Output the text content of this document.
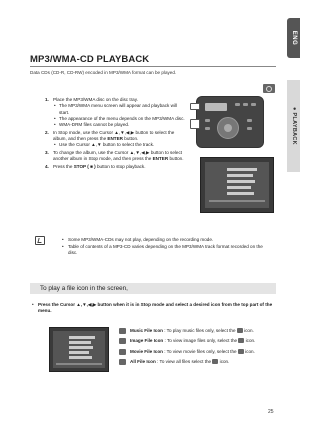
ENG
● PLAYBACK
MP3/WMA-CD PLAYBACK
Data CDs (CD-R, CD-RW) encoded in MP3/WMA format can be played.
1. Place the MP3/WMA disc on the disc tray.
• The MP3/WMA menu screen will appear and playback will start.
• The appearance of the menu depends on the MP3/WMA disc.
• WMA-DRM files cannot be played.
2. In Stop mode, use the Cursor ▲,▼,◀,▶ button to select the album, and then press the ENTER button.
• Use the Cursor ▲,▼ button to select the track.
3. To change the album, use the Cursor ▲,▼,◀,▶ button to select another album in Stop mode, and then press the ENTER button.
4. Press the STOP ( ■ ) button to stop playback.
• Some MP3/WMA-CDs may not play, depending on the recording mode.
• Table of contents of a MP3-CD varies depending on the MP3/WMA track format recorded on the disc.
To play a file icon in the screen,
• Press the Cursor ▲,▼,◀,▶ button when it is in Stop mode and select a desired icon from the top part of the menu.
Music File Icon : To play music files only, select the  icon.
Image File Icon : To view image files only, select the  icon.
Movie File Icon : To view movie files only, select the  icon.
All File Icon : To view all files select the  icon.
25
